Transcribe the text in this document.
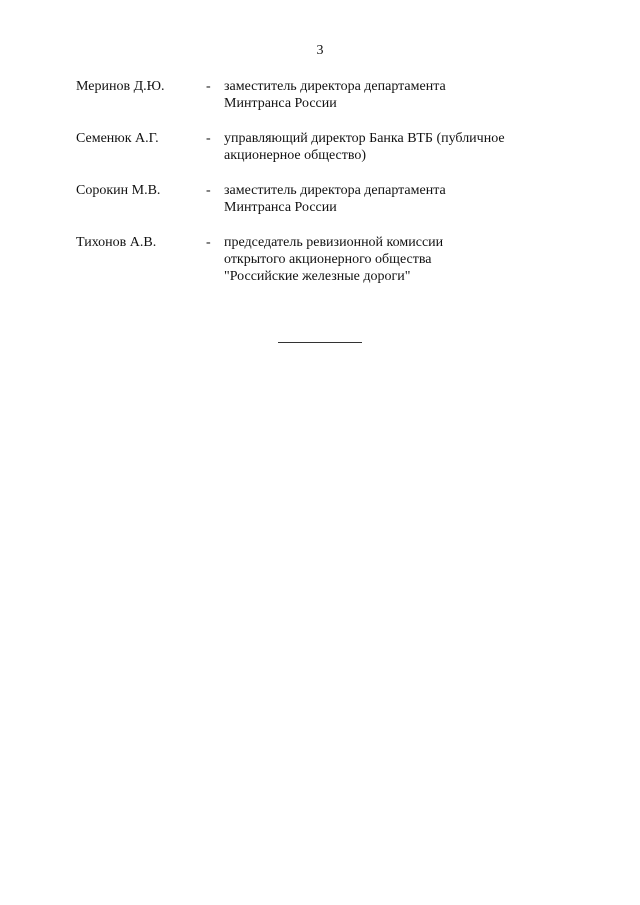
3
Меринов Д.Ю.	- заместитель директора департамента
Минтранса России
Семенюк А.Г.	- управляющий директор Банка ВТБ (публичное
акционерное общество)
Сорокин М.В.	- заместитель директора департамента
Минтранса России
Тихонов А.В.	- председатель ревизионной комиссии
открытого акционерного общества
"Российские железные дороги"
